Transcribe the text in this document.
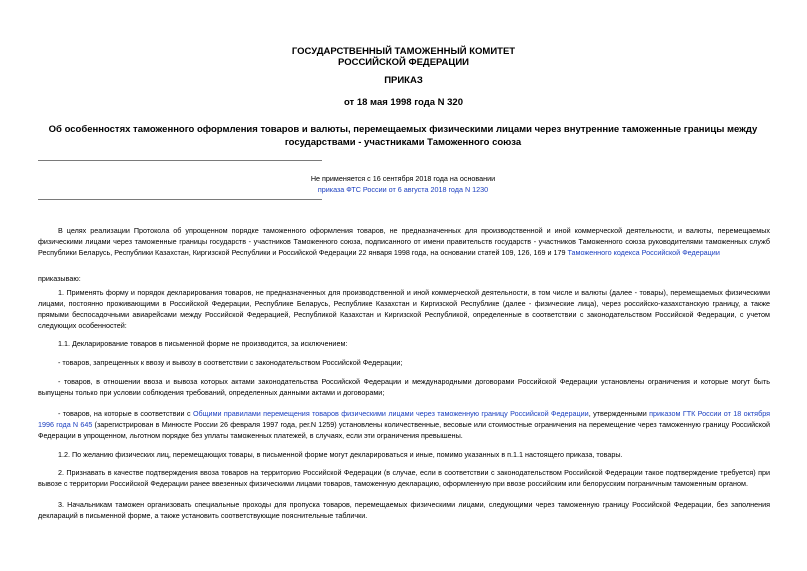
ГОСУДАРСТВЕННЫЙ ТАМОЖЕННЫЙ КОМИТЕТ
РОССИЙСКОЙ ФЕДЕРАЦИИ
ПРИКАЗ
от 18 мая 1998 года N 320
Об особенностях таможенного оформления товаров и валюты, перемещаемых физическими лицами через внутренние таможенные границы между государствами - участниками Таможенного союза
Не применяется с 16 сентября 2018 года на основании
приказа ФТС России от 6 августа 2018 года N 1230
В целях реализации Протокола об упрощенном порядке таможенного оформления товаров, не предназначенных для производственной и иной коммерческой деятельности, и валюты, перемещаемых физическими лицами через таможенные границы государств - участников Таможенного союза, подписанного от имени правительств государств - участников Таможенного союза руководителями таможенных служб Республики Беларусь, Республики Казахстан, Киргизской Республики и Российской Федерации 22 января 1998 года, на основании статей 109, 126, 169 и 179 Таможенного кодекса Российской Федерации
приказываю:
1. Применять форму и порядок декларирования товаров, не предназначенных для производственной и иной коммерческой деятельности, в том числе и валюты (далее - товары), перемещаемых физическими лицами, постоянно проживающими в Российской Федерации, Республике Беларусь, Республике Казахстан и Киргизской Республике (далее - физические лица), через российско-казахстанскую границу, а также прямыми беспосадочными авиарейсами между Российской Федерацией, Республикой Казахстан и Киргизской Республикой, определенные в соответствии с законодательством Российской Федерации, с учетом следующих особенностей:
1.1. Декларирование товаров в письменной форме не производится, за исключением:
- товаров, запрещенных к ввозу и вывозу в соответствии с законодательством Российской Федерации;
- товаров, в отношении ввоза и вывоза которых актами законодательства Российской Федерации и международными договорами Российской Федерации установлены ограничения и которые могут быть выпущены только при условии соблюдения требований, определенных данными актами и договорами;
- товаров, на которые в соответствии с Общими правилами перемещения товаров физическими лицами через таможенную границу Российской Федерации, утвержденными приказом ГТК России от 18 октября 1996 года N 645 (зарегистрирован в Минюсте России 26 февраля 1997 года, рег.N 1259) установлены количественные, весовые или стоимостные ограничения на перемещение через таможенную границу Российской Федерации в упрощенном, льготном порядке без уплаты таможенных платежей, в случаях, если эти ограничения превышены.
1.2. По желанию физических лиц, перемещающих товары, в письменной форме могут декларироваться и иные, помимо указанных в п.1.1 настоящего приказа, товары.
2. Признавать в качестве подтверждения ввоза товаров на территорию Российской Федерации (в случае, если в соответствии с законодательством Российской Федерации такое подтверждение требуется) при вывозе с территории Российской Федерации ранее ввезенных физическими лицами товаров, таможенную декларацию, оформленную при ввозе российским или белорусским пограничным таможенным органом.
3. Начальникам таможен организовать специальные проходы для пропуска товаров, перемещаемых физическими лицами, следующими через таможенную границу Российской Федерации, без заполнения деклараций в письменной форме, а также установить соответствующие пояснительные таблички.
